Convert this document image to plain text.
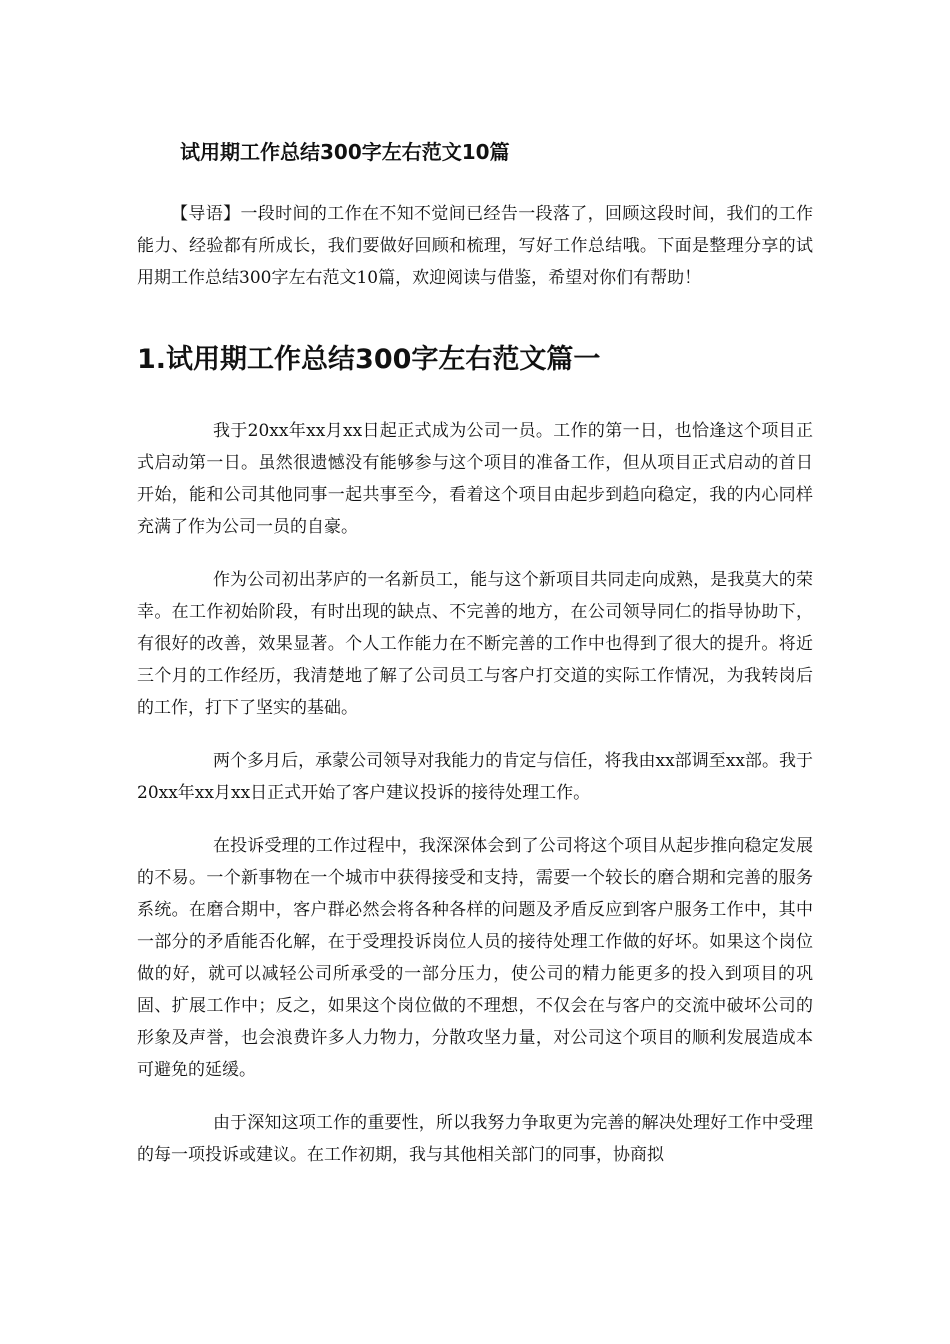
试用期工作总结300字左右范文10篇

【导语】一段时间的工作在不知不觉间已经告一段落了，回顾这段时间，我们的工作能力、经验都有所成长，我们要做好回顾和梳理，写好工作总结哦。下面是整理分享的试用期工作总结300字左右范文10篇，欢迎阅读与借鉴，希望对你们有帮助！

1.试用期工作总结300字左右范文篇一

我于20xx年xx月xx日起正式成为公司一员。工作的第一日，也恰逢这个项目正式启动第一日。虽然很遗憾没有能够参与这个项目的准备工作，但从项目正式启动的首日开始，能和公司其他同事一起共事至今，看着这个项目由起步到趋向稳定，我的内心同样充满了作为公司一员的自豪。

作为公司初出茅庐的一名新员工，能与这个新项目共同走向成熟，是我莫大的荣幸。在工作初始阶段，有时出现的缺点、不完善的地方，在公司领导同仁的指导协助下，有很好的改善，效果显著。个人工作能力在不断完善的工作中也得到了很大的提升。将近三个月的工作经历，我清楚地了解了公司员工与客户打交道的实际工作情况，为我转岗后的工作，打下了坚实的基础。

两个多月后，承蒙公司领导对我能力的肯定与信任，将我由xx部调至xx部。我于20xx年xx月xx日正式开始了客户建议投诉的接待处理工作。

在投诉受理的工作过程中，我深深体会到了公司将这个项目从起步推向稳定发展的不易。一个新事物在一个城市中获得接受和支持，需要一个较长的磨合期和完善的服务系统。在磨合期中，客户群必然会将各种各样的问题及矛盾反应到客户服务工作中，其中一部分的矛盾能否化解，在于受理投诉岗位人员的接待处理工作做的好坏。如果这个岗位做的好，就可以减轻公司所承受的一部分压力，使公司的精力能更多的投入到项目的巩固、扩展工作中；反之，如果这个岗位做的不理想，不仅会在与客户的交流中破坏公司的形象及声誉，也会浪费许多人力物力，分散攻坚力量，对公司这个项目的顺利发展造成本可避免的延缓。

由于深知这项工作的重要性，所以我努力争取更为完善的解决处理好工作中受理的每一项投诉或建议。在工作初期，我与其他相关部门的同事，协商拟
